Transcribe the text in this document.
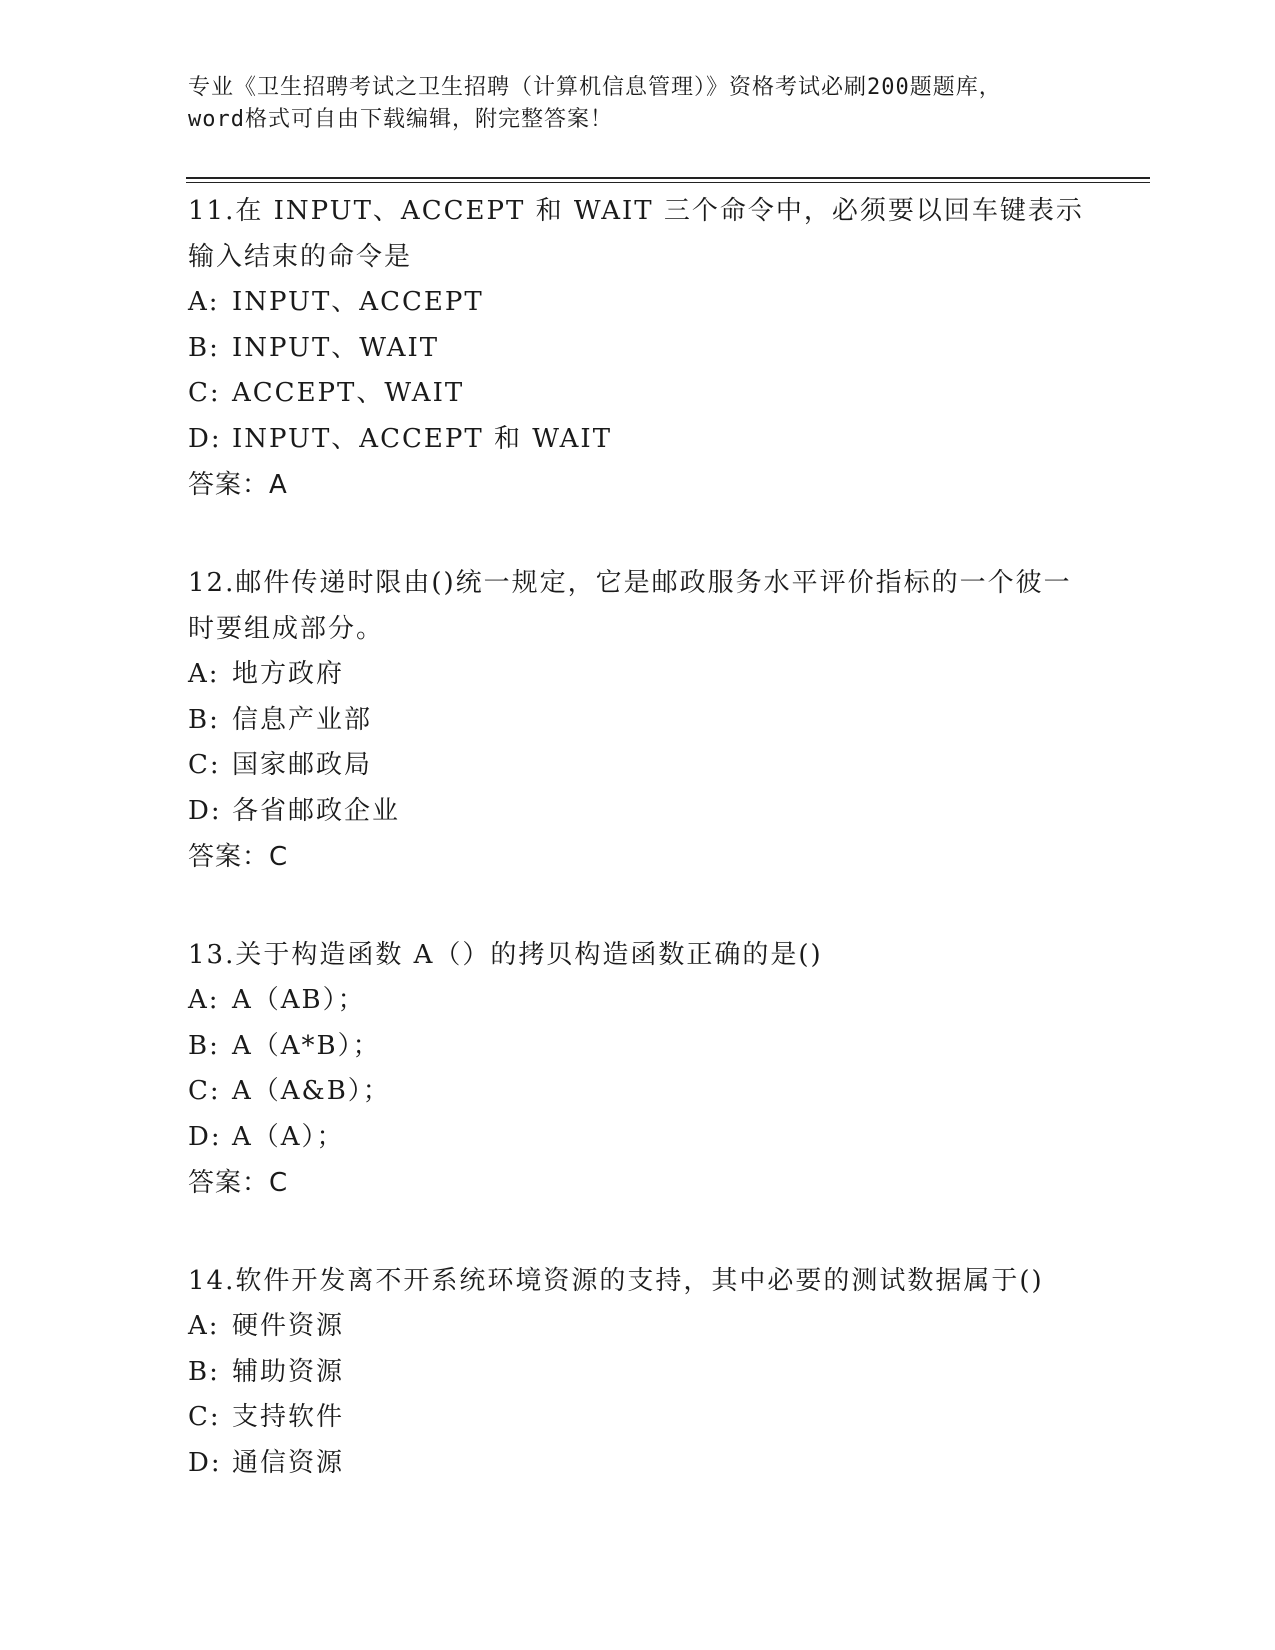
专业《卫生招聘考试之卫生招聘（计算机信息管理）》资格考试必刷200题题库，
word格式可自由下载编辑，附完整答案！

11.在 INPUT、ACCEPT 和 WAIT 三个命令中，必须要以回车键表示输入结束的命令是

A: INPUT、ACCEPT

B: INPUT、WAIT

C: ACCEPT、WAIT

D: INPUT、ACCEPT 和 WAIT

答案：A

12.邮件传递时限由()统一规定，它是邮政服务水平评价指标的一个彼一时要组成部分。

A: 地方政府

B: 信息产业部

C: 国家邮政局

D: 各省邮政企业

答案：C

13.关于构造函数 A（）的拷贝构造函数正确的是()

A: A（AB）；

B: A（A*B）；

C: A（A&B）；

D: A（A）；

答案：C

14.软件开发离不开系统环境资源的支持，其中必要的测试数据属于()

A: 硬件资源

B: 辅助资源

C: 支持软件

D: 通信资源
